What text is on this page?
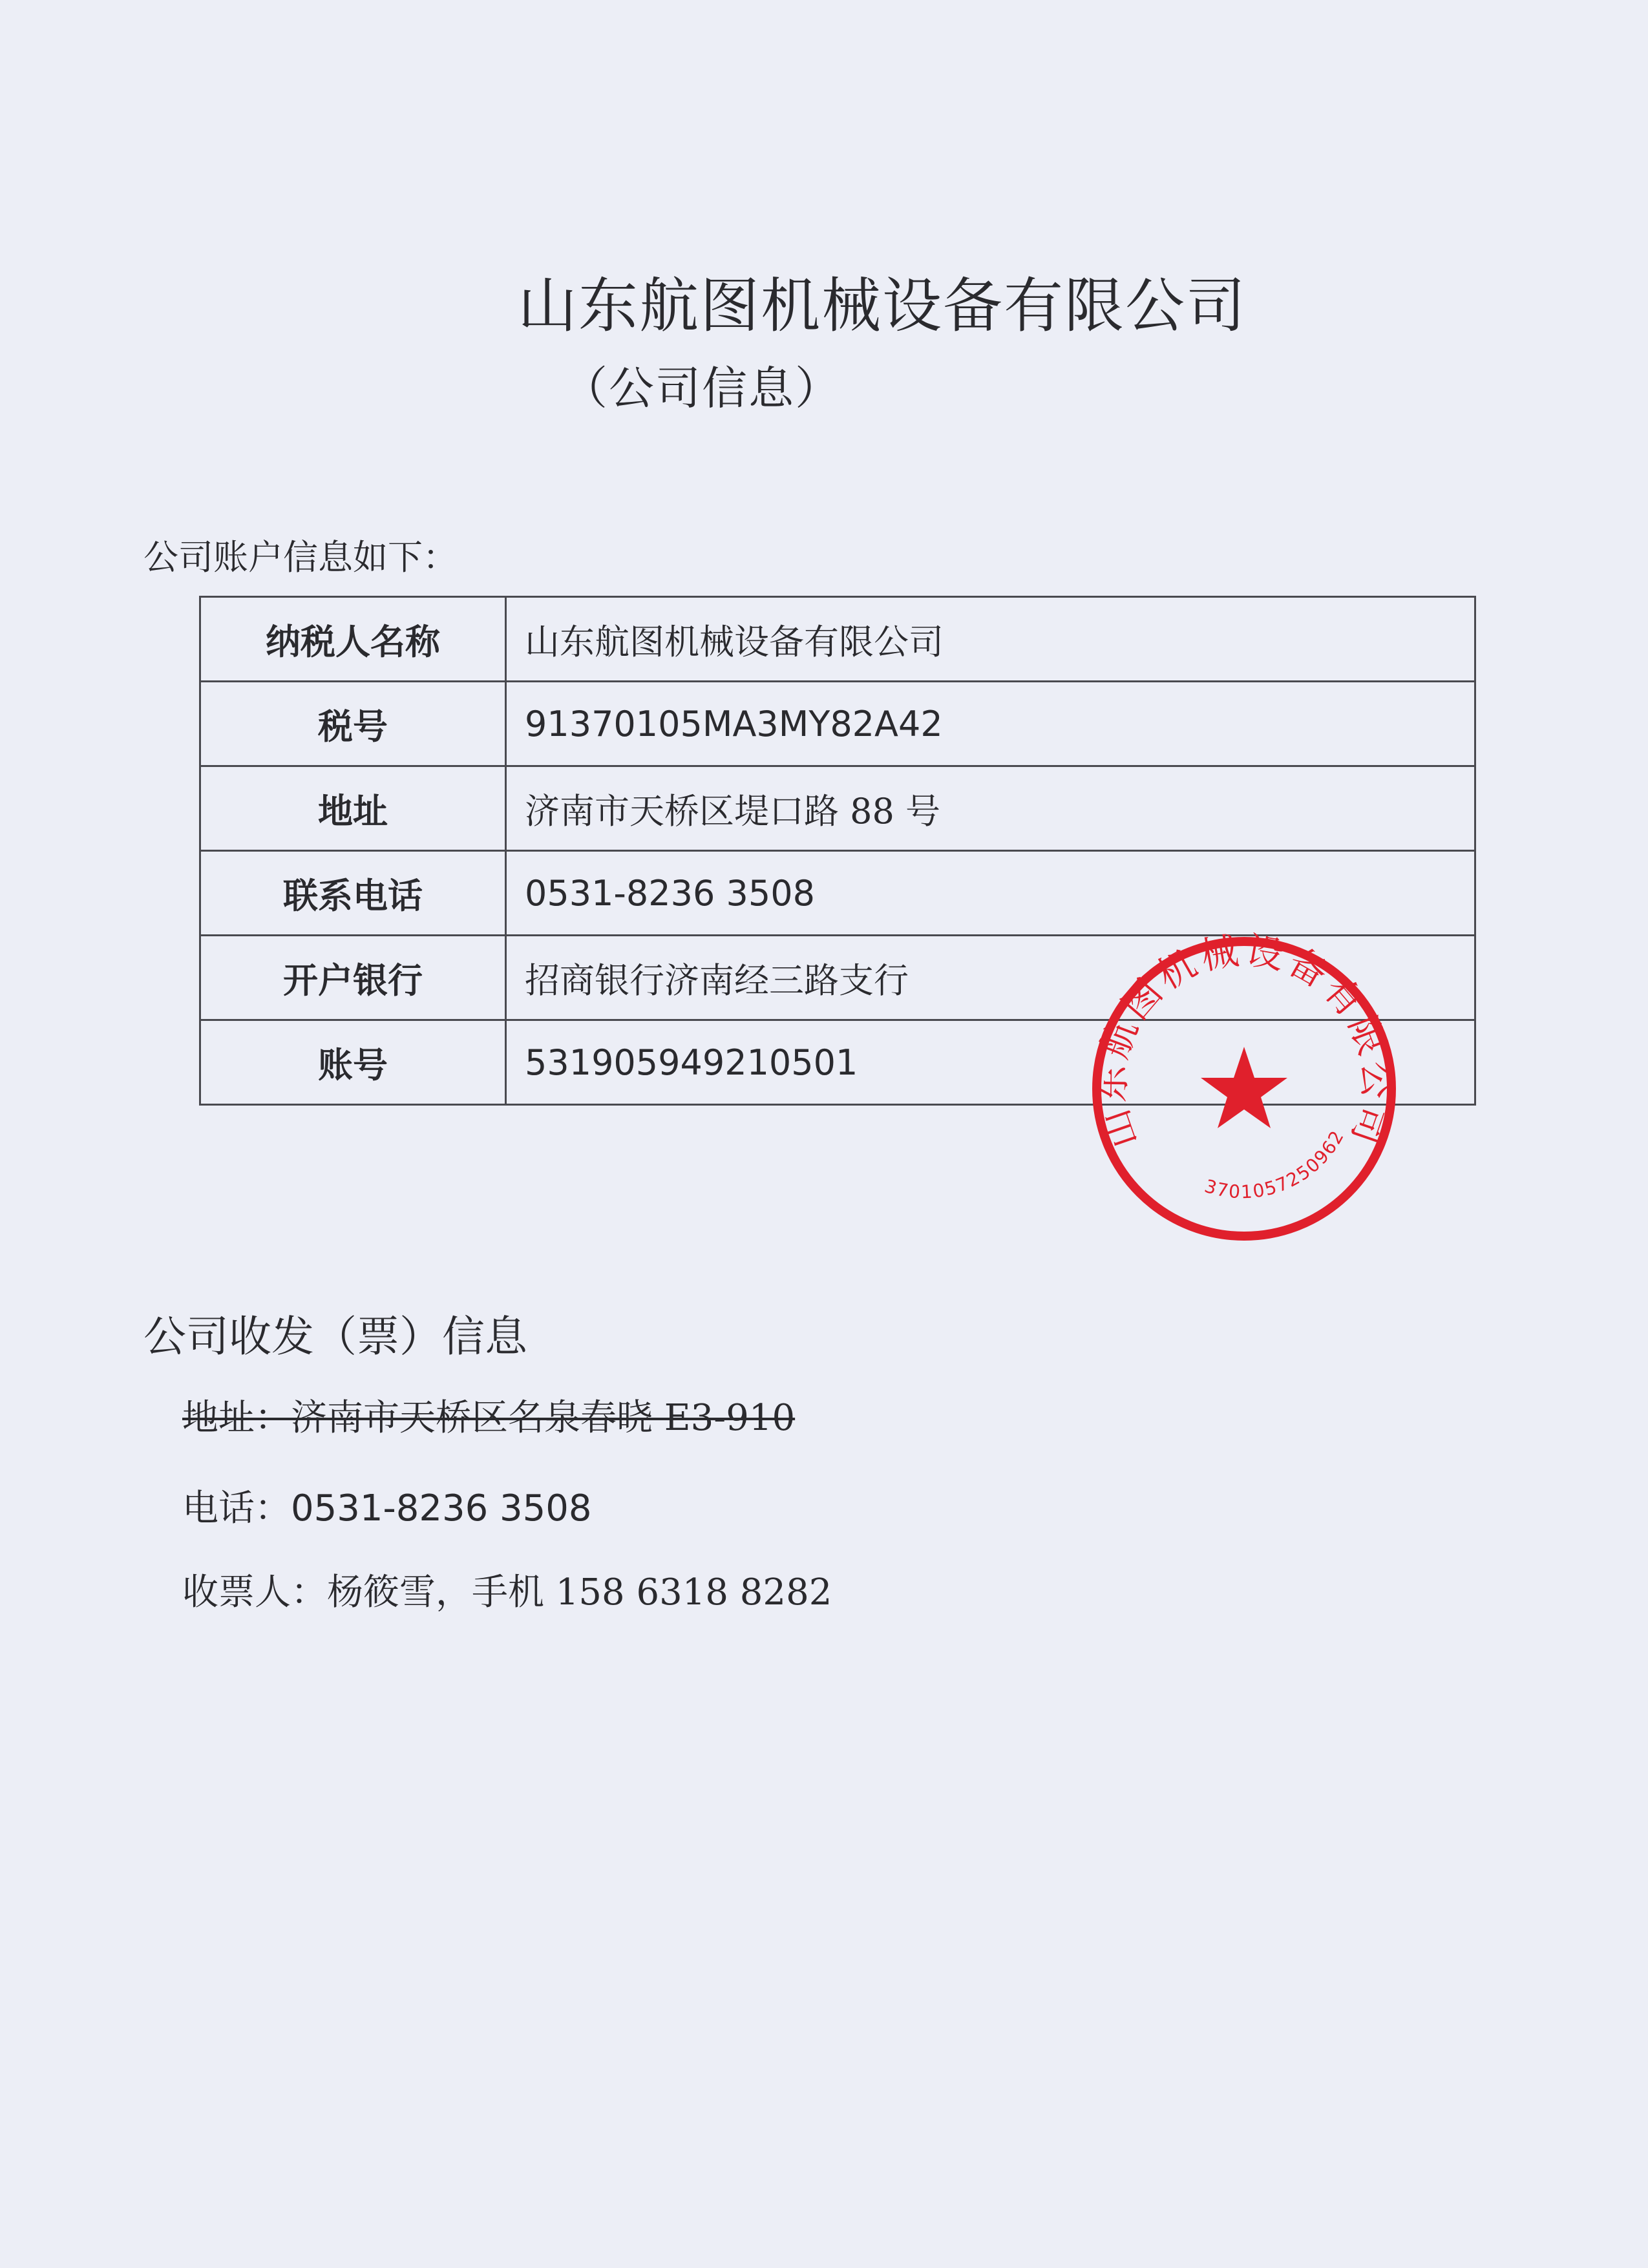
山东航图机械设备有限公司
（公司信息）
公司账户信息如下：
纳税人名称	山东航图机械设备有限公司
税号	91370105MA3MY82A42
地址	济南市天桥区堤口路 88 号
联系电话	0531-8236 3508
开户银行	招商银行济南经三路支行
账号	531905949210501
山东航图机械设备有限公司
3701057250962
公司收发（票）信息
地址：济南市天桥区名泉春晓 E3-910
电话：0531-8236 3508
收票人：杨筱雪，手机 158 6318 8282
